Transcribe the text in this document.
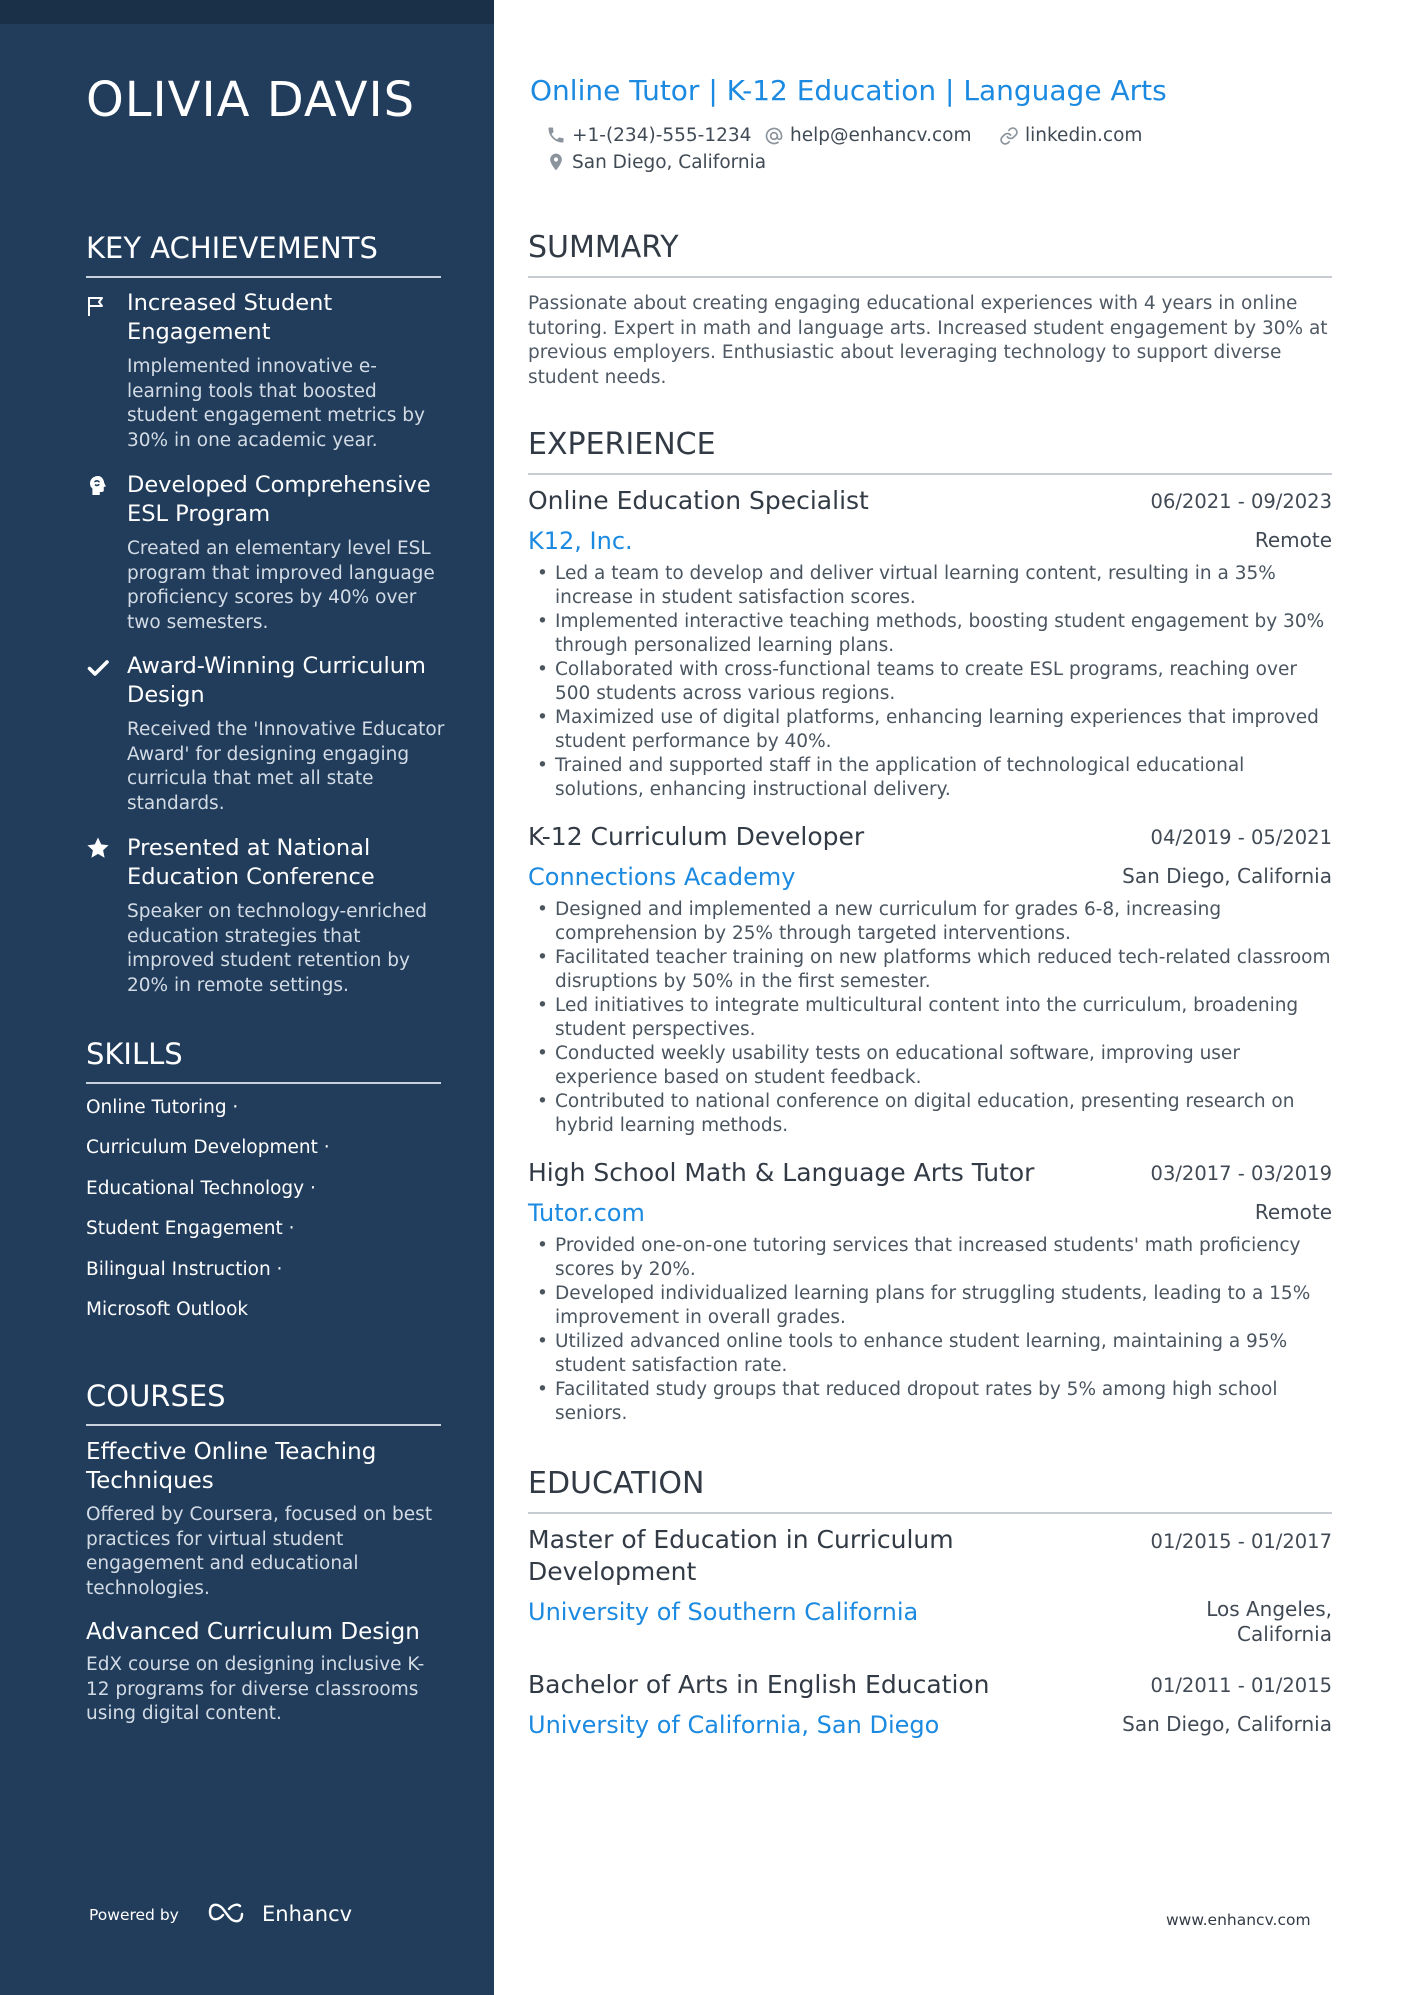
OLIVIA DAVIS
KEY ACHIEVEMENTS
Increased Student Engagement
Implemented innovative e-learning tools that boosted student engagement metrics by 30% in one academic year.
Developed Comprehensive ESL Program
Created an elementary level ESL program that improved language proficiency scores by 40% over two semesters.
Award-Winning Curriculum Design
Received the 'Innovative Educator Award' for designing engaging curricula that met all state standards.
Presented at National Education Conference
Speaker on technology-enriched education strategies that improved student retention by 20% in remote settings.
SKILLS
Online Tutoring ·
Curriculum Development ·
Educational Technology ·
Student Engagement ·
Bilingual Instruction ·
Microsoft Outlook
COURSES
Effective Online Teaching Techniques
Offered by Coursera, focused on best practices for virtual student engagement and educational technologies.
Advanced Curriculum Design
EdX course on designing inclusive K-12 programs for diverse classrooms using digital content.
Powered by	Enhancv
Online Tutor | K-12 Education | Language Arts
+1-(234)-555-1234 help@enhancv.com	linkedin.com
San Diego, California
SUMMARY
Passionate about creating engaging educational experiences with 4 years in online tutoring. Expert in math and language arts. Increased student engagement by 30% at previous employers. Enthusiastic about leveraging technology to support diverse student needs.
EXPERIENCE
Online Education Specialist	06/2021 - 09/2023
K12, Inc.	Remote
• Led a team to develop and deliver virtual learning content, resulting in a 35% increase in student satisfaction scores.
• Implemented interactive teaching methods, boosting student engagement by 30% through personalized learning plans.
• Collaborated with cross-functional teams to create ESL programs, reaching over 500 students across various regions.
• Maximized use of digital platforms, enhancing learning experiences that improved student performance by 40%.
• Trained and supported staff in the application of technological educational solutions, enhancing instructional delivery.
K-12 Curriculum Developer	04/2019 - 05/2021
Connections Academy	San Diego, California
• Designed and implemented a new curriculum for grades 6-8, increasing comprehension by 25% through targeted interventions.
• Facilitated teacher training on new platforms which reduced tech-related classroom disruptions by 50% in the first semester.
• Led initiatives to integrate multicultural content into the curriculum, broadening student perspectives.
• Conducted weekly usability tests on educational software, improving user experience based on student feedback.
• Contributed to national conference on digital education, presenting research on hybrid learning methods.
High School Math & Language Arts Tutor	03/2017 - 03/2019
Tutor.com	Remote
• Provided one-on-one tutoring services that increased students' math proficiency scores by 20%.
• Developed individualized learning plans for struggling students, leading to a 15% improvement in overall grades.
• Utilized advanced online tools to enhance student learning, maintaining a 95% student satisfaction rate.
• Facilitated study groups that reduced dropout rates by 5% among high school seniors.
EDUCATION
Master of Education in Curriculum Development
01/2015 - 01/2017
University of Southern California	Los Angeles, California
Bachelor of Arts in English Education	01/2011 - 01/2015
University of California, San Diego	San Diego, California
www.enhancv.com
